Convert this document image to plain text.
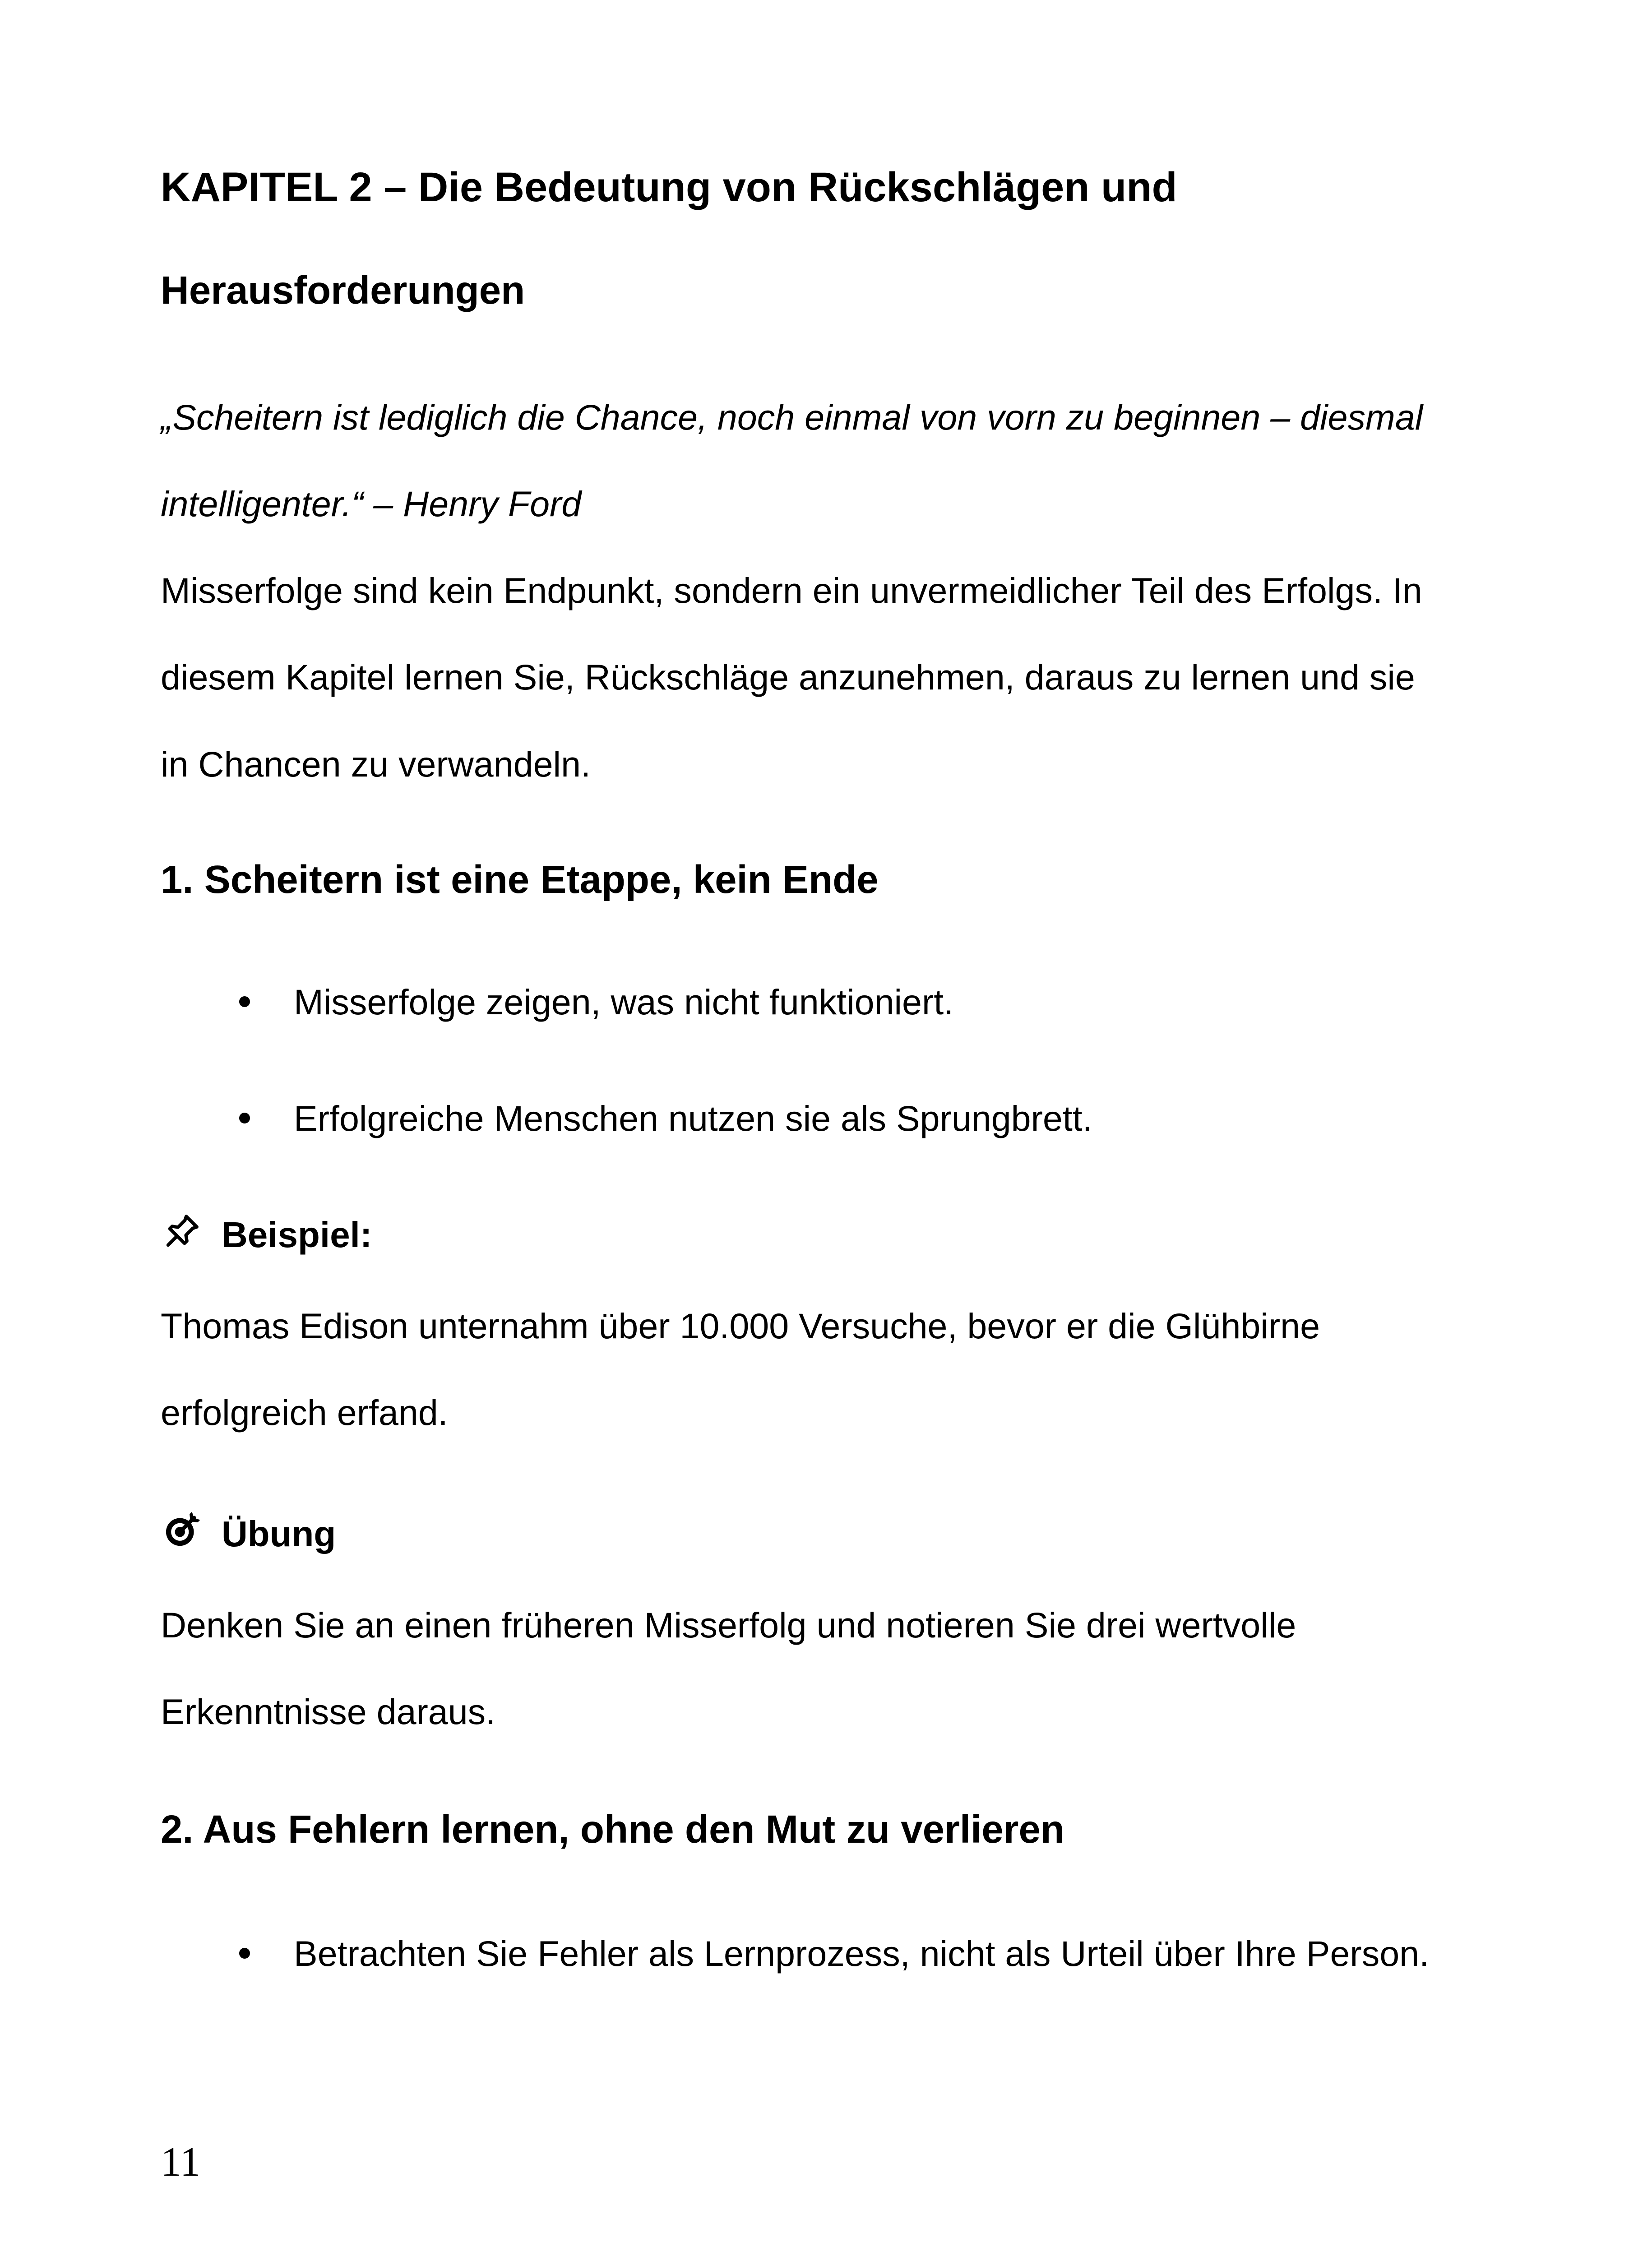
KAPITEL 2 – Die Bedeutung von Rückschlägen und
Herausforderungen

„Scheitern ist lediglich die Chance, noch einmal von vorn zu beginnen – diesmal

intelligenter.“ – Henry Ford

Misserfolge sind kein Endpunkt, sondern ein unvermeidlicher Teil des Erfolgs. In

diesem Kapitel lernen Sie, Rückschläge anzunehmen, daraus zu lernen und sie

in Chancen zu verwandeln.

1. Scheitern ist eine Etappe, kein Ende

Misserfolge zeigen, was nicht funktioniert.

Erfolgreiche Menschen nutzen sie als Sprungbrett.

Beispiel:

Thomas Edison unternahm über 10.000 Versuche, bevor er die Glühbirne

erfolgreich erfand.

Übung

Denken Sie an einen früheren Misserfolg und notieren Sie drei wertvolle

Erkenntnisse daraus.

2. Aus Fehlern lernen, ohne den Mut zu verlieren

Betrachten Sie Fehler als Lernprozess, nicht als Urteil über Ihre Person.

11
